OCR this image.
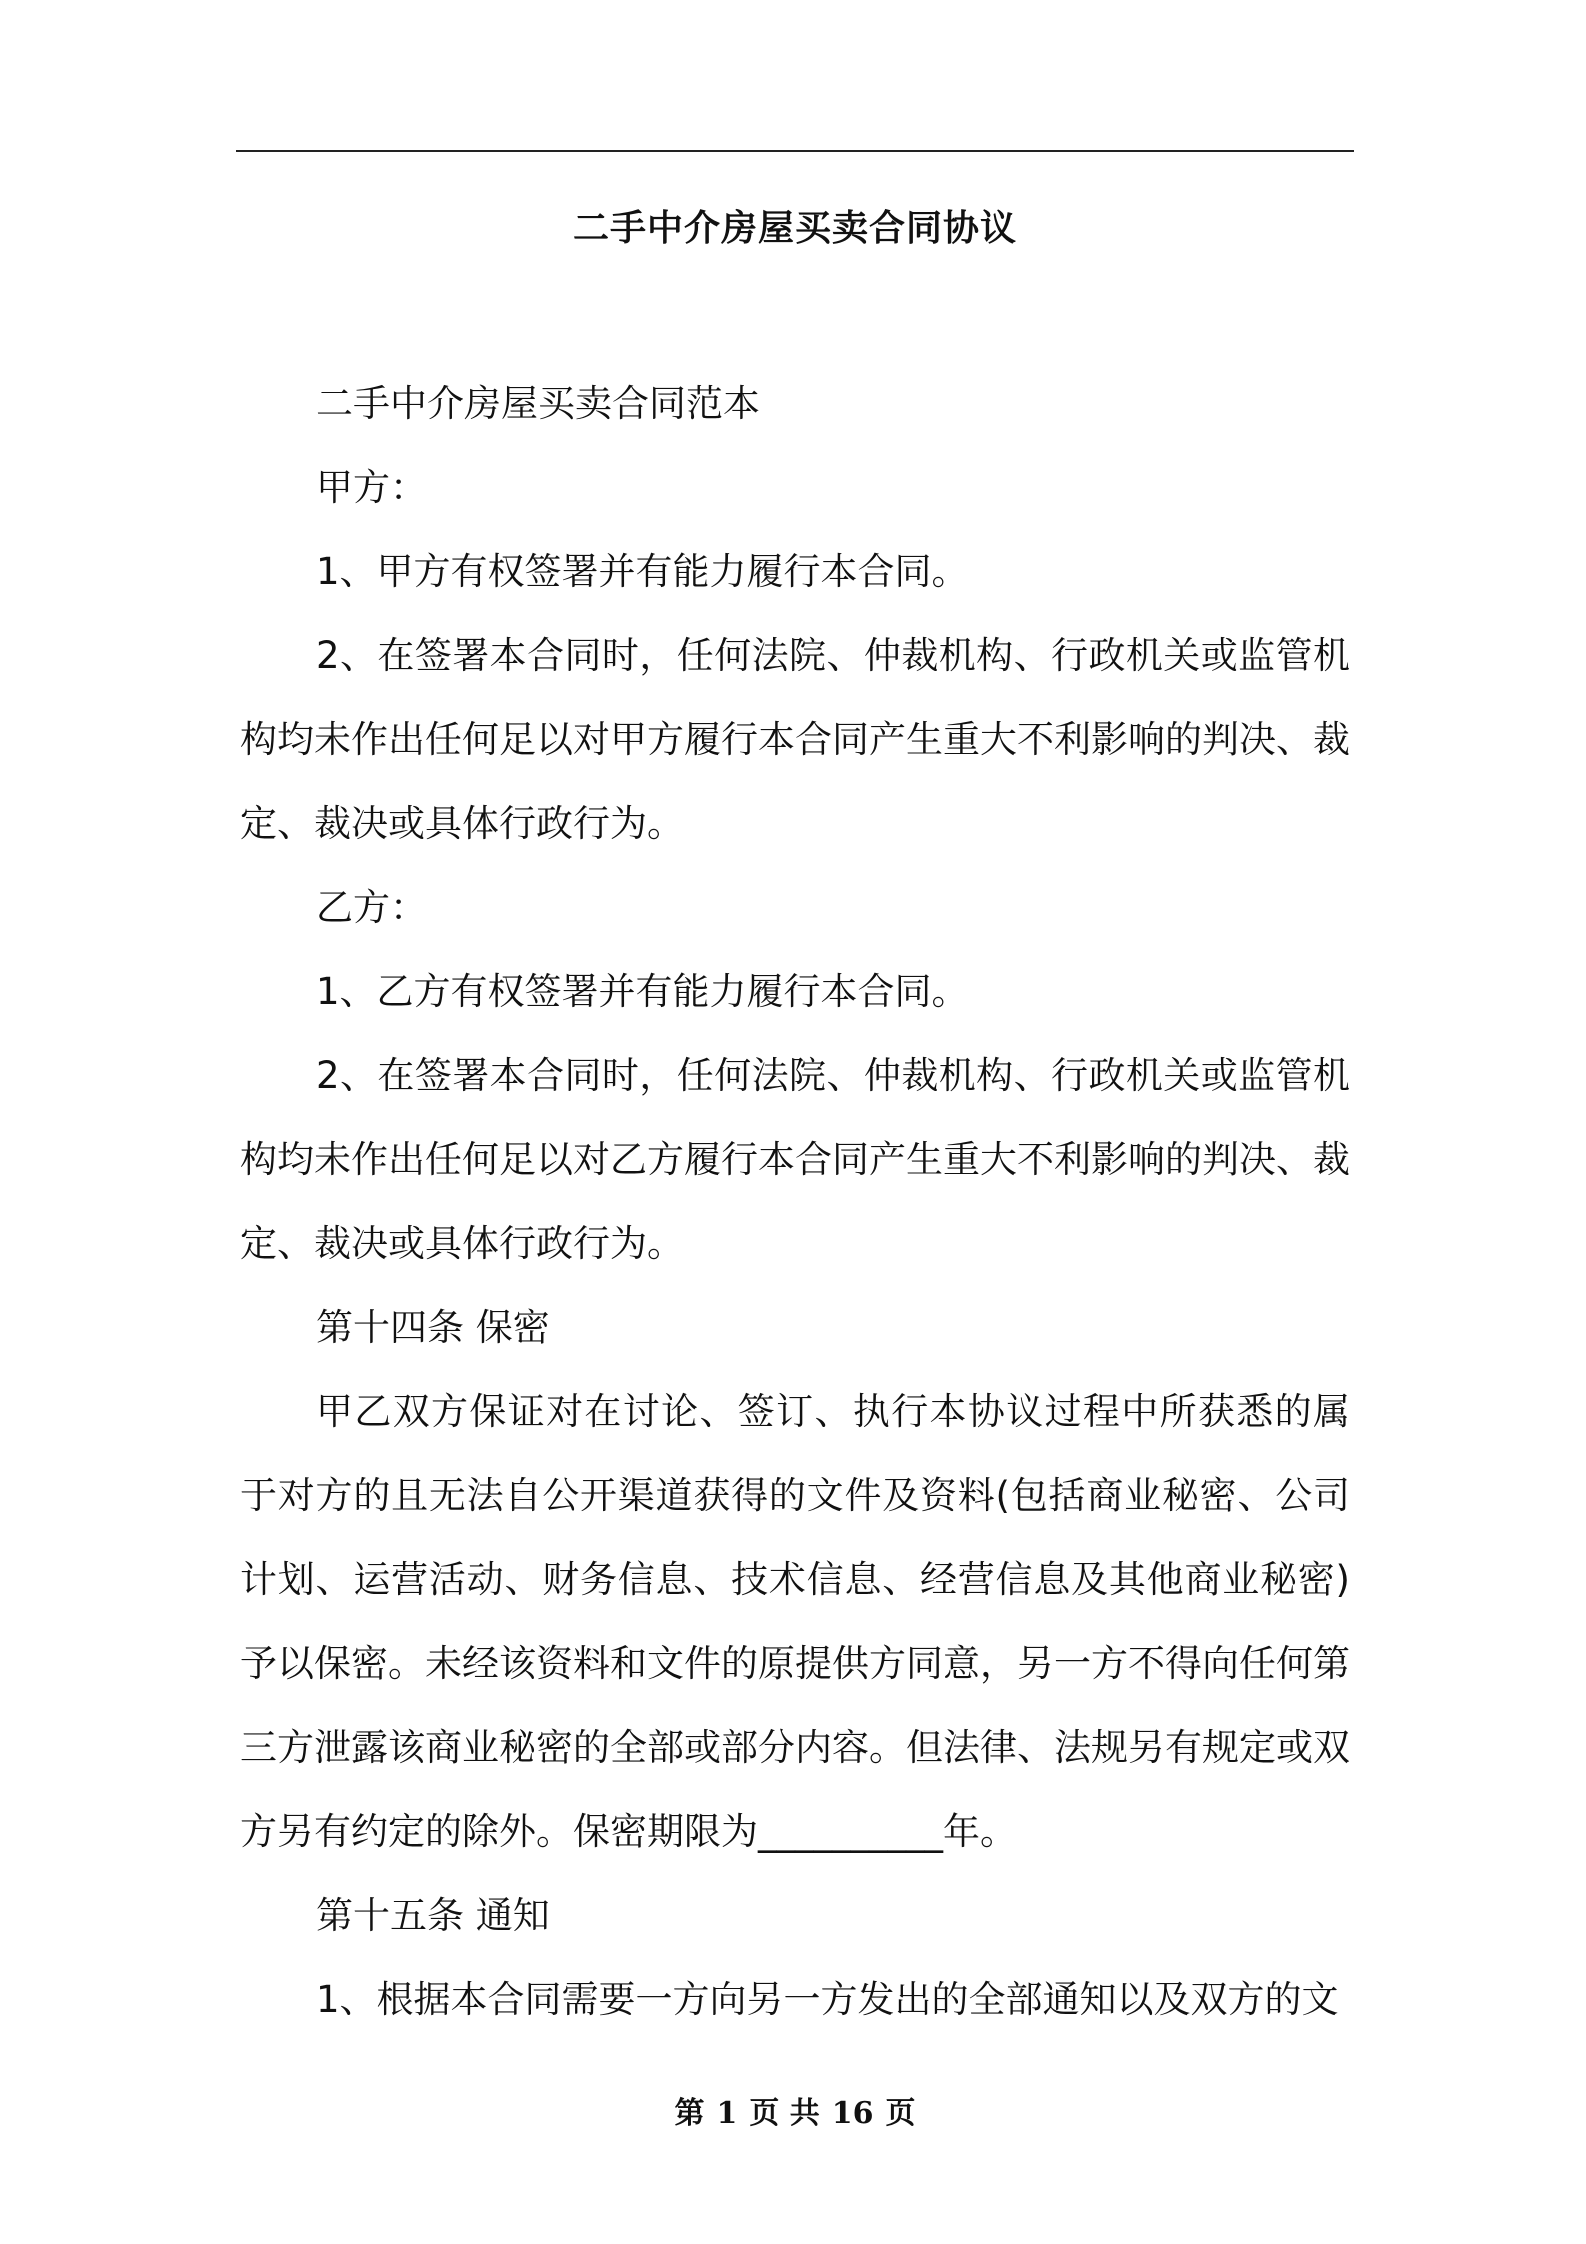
二手中介房屋买卖合同协议

二手中介房屋买卖合同范本

甲方：

1、甲方有权签署并有能力履行本合同。

2、在签署本合同时，任何法院、仲裁机构、行政机关或监管机构均未作出任何足以对甲方履行本合同产生重大不利影响的判决、裁定、裁决或具体行政行为。

乙方：

1、乙方有权签署并有能力履行本合同。

2、在签署本合同时，任何法院、仲裁机构、行政机关或监管机构均未作出任何足以对乙方履行本合同产生重大不利影响的判决、裁定、裁决或具体行政行为。

第十四条 保密

甲乙双方保证对在讨论、签订、执行本协议过程中所获悉的属于对方的且无法自公开渠道获得的文件及资料(包括商业秘密、公司计划、运营活动、财务信息、技术信息、经营信息及其他商业秘密)予以保密。未经该资料和文件的原提供方同意，另一方不得向任何第三方泄露该商业秘密的全部或部分内容。但法律、法规另有规定或双方另有约定的除外。保密期限为__________年。

第十五条 通知

1、根据本合同需要一方向另一方发出的全部通知以及双方的文

第 1 页 共 16 页
